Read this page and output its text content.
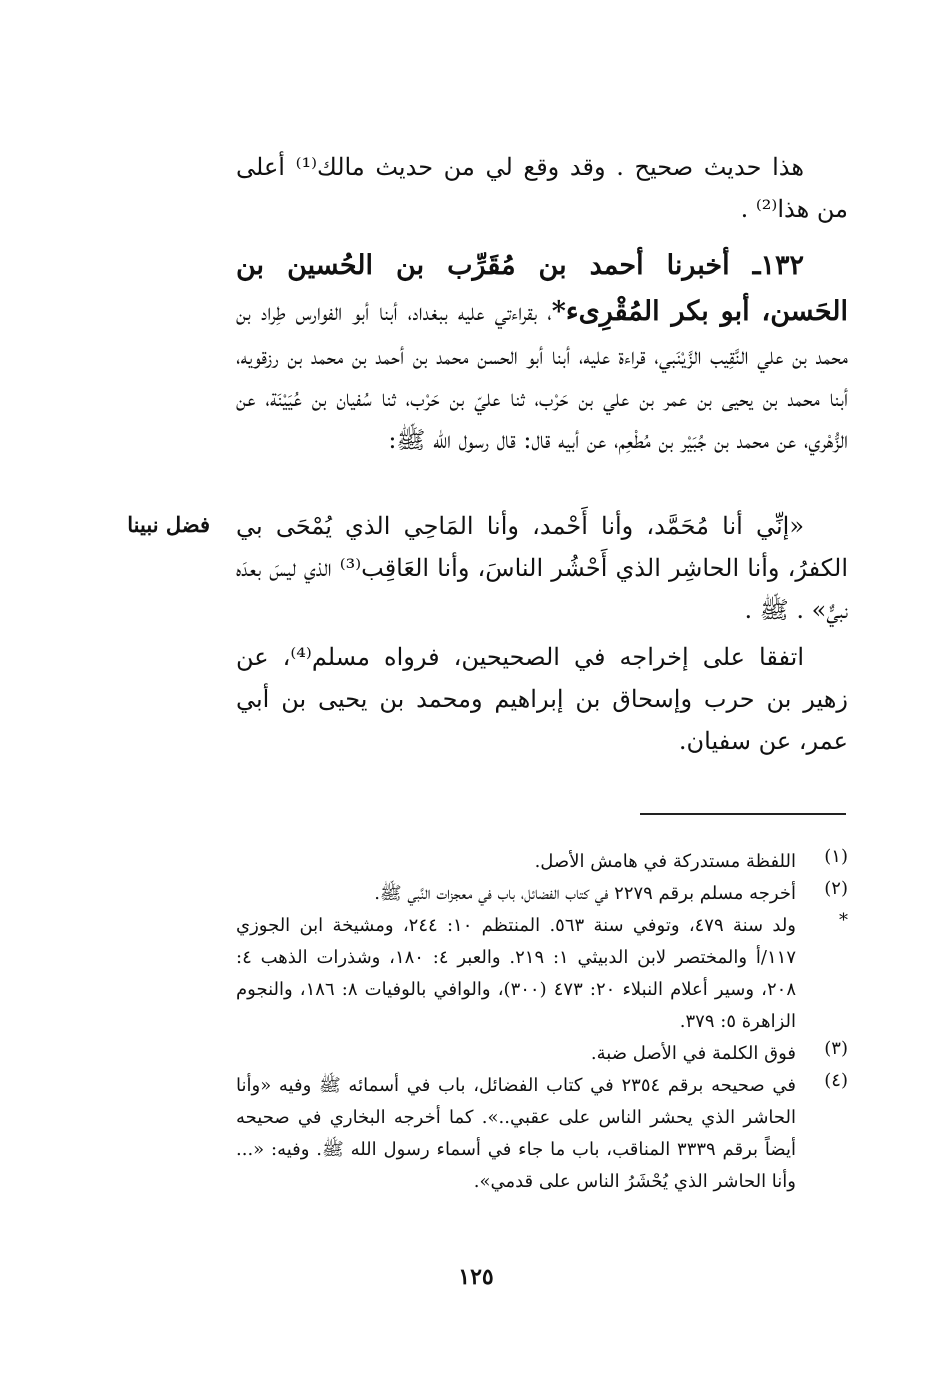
هذا حديث صحيح . وقد وقع لي من حديث مالك⁽¹⁾ أعلى من هذا⁽²⁾ .

١٣٢ـ أخبرنا أحمد بن مُقَرِّب بن الحُسين بن الحَسن، أبو بكر المُقْرِىء*، بقراءتي عليه ببغداد، أبنا أبو الفوارس طِراد بن محمد بن علي النَّقِيب الزَّيْنَبي، قراءة عليه، أبنا أبو الحسن محمد بن أحمد بن محمد بن رزقويه، أبنا محمد بن يحيى بن عمر بن علي بن حَرْب، ثنا عليّ بن حَرْب، ثنا سُفيان بن عُيَيْنَة، عن الزُّهْري، عن محمد بن جُبَيْر بن مُطْعِم، عن أبيه قال: قال رسول الله ﷺ:

فضل نبينا «إنِّي أنا مُحَمَّد، وأنا أَحْمد، وأنا المَاحِي الذي يُمْحَى بي الكفرُ، وأنا الحاشِر الذي أَحْشُر الناسَ، وأنا العَاقِب⁽³⁾ الذي ليسَ بعدَه نبيٌّ» . ﷺ .

اتفقا على إخراجه في الصحيحين، فرواه مسلم⁽⁴⁾، عن زهير بن حرب وإسحاق بن إبراهيم ومحمد بن يحيى بن أبي عمر، عن سفيان.

(١)
اللفظة مستدركة في هامش الأصل.
(٢)
أخرجه مسلم برقم ٢٢٧٩ في كتاب الفضائل، باب في معجزات النَّبي ﷺ.
*
ولد سنة ٤٧٩، وتوفي سنة ٥٦٣. المنتظم ١٠: ٢٤٤، ومشيخة ابن الجوزي ١١٧/أ والمختصر لابن الدبيثي ١: ٢١٩. والعبر ٤: ١٨٠، وشذرات الذهب ٤: ٢٠٨، وسير أعلام النبلاء ٢٠: ٤٧٣ (٣٠٠)، والوافي بالوفيات ٨: ١٨٦، والنجوم الزاهرة ٥: ٣٧٩.
(٣)
فوق الكلمة في الأصل ضبة.
(٤)
في صحيحه برقم ٢٣٥٤ في كتاب الفضائل، باب في أسمائه ﷺ وفيه «وأنا الحاشر الذي يحشر الناس على عقبي..». كما أخرجه البخاري في صحيحه أيضاً برقم ٣٣٣٩ المناقب، باب ما جاء في أسماء رسول الله ﷺ. وفيه: «... وأنا الحاشر الذي يُحْشَرُ الناس على قدمي».
١٢٥
